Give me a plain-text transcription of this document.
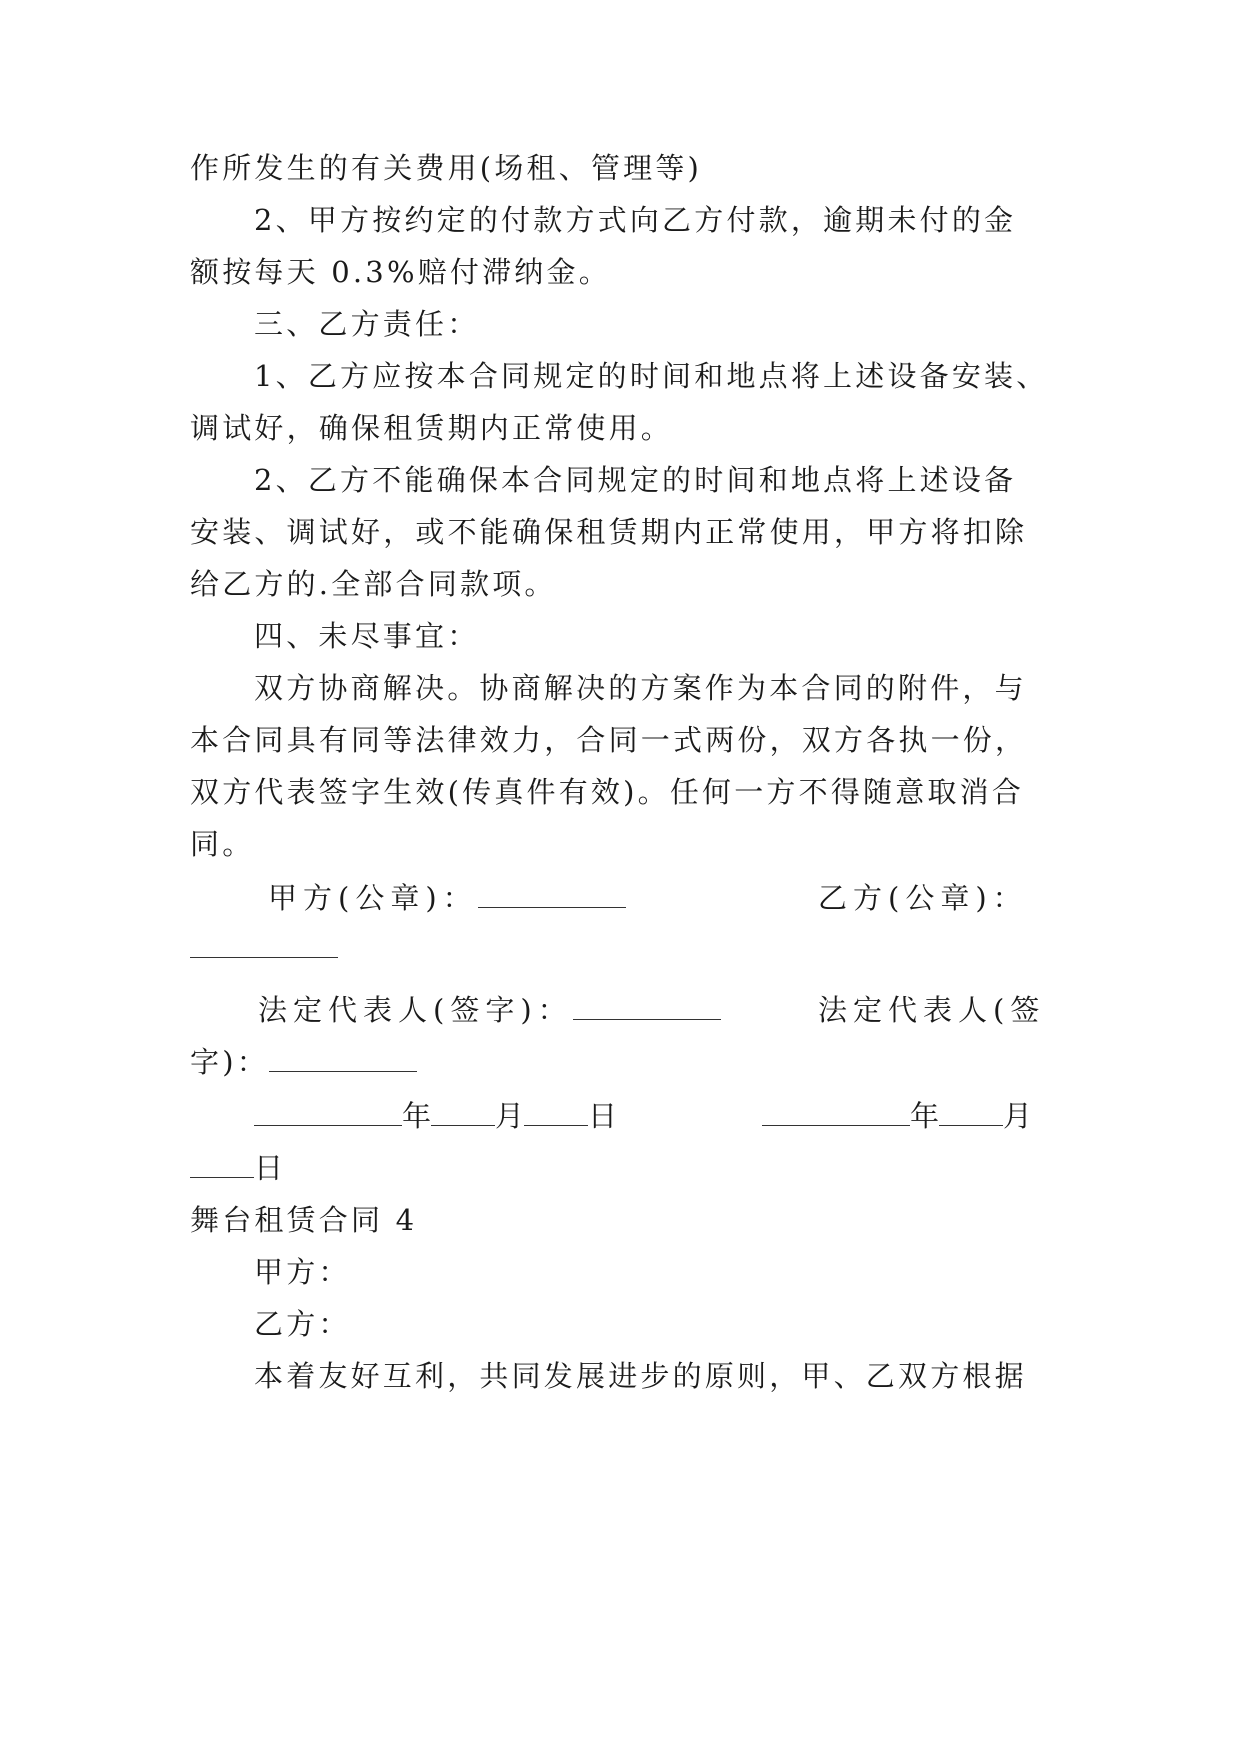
作所发生的有关费用(场租、管理等)
2、甲方按约定的付款方式向乙方付款，逾期未付的金
额按每天 0.3%赔付滞纳金。
三、乙方责任：
1、乙方应按本合同规定的时间和地点将上述设备安装、
调试好，确保租赁期内正常使用。
2、乙方不能确保本合同规定的时间和地点将上述设备
安装、调试好，或不能确保租赁期内正常使用，甲方将扣除
给乙方的.全部合同款项。
四、未尽事宜：
双方协商解决。协商解决的方案作为本合同的附件，与
本合同具有同等法律效力，合同一式两份，双方各执一份，
双方代表签字生效(传真件有效)。任何一方不得随意取消合
同。
甲方(公章)：	乙方(公章)：
法定代表人(签字)：	法定代表人(签
字)：
年 月 日	年 月
日
舞台租赁合同 4
甲方：
乙方：
本着友好互利，共同发展进步的原则，甲、乙双方根据
